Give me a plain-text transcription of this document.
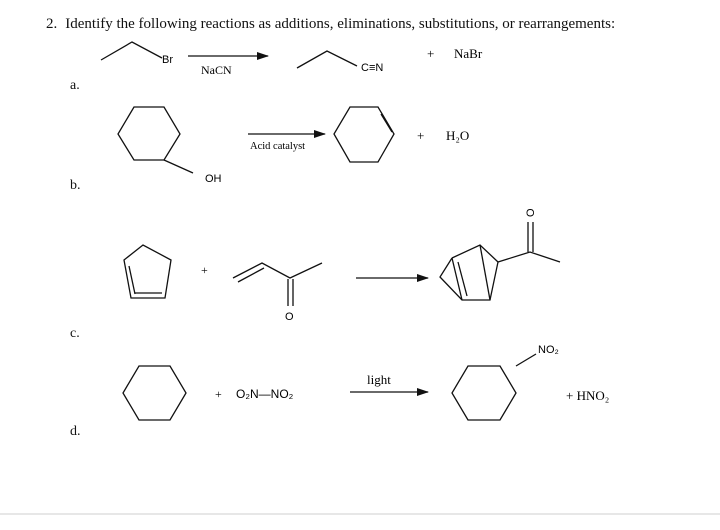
2. Identify the following reactions as additions, eliminations, substitutions, or rearrangements:
a.
b.
c.
d.
Br
NaCN	C≡N
+ NaBr
OH
Acid catalyst
+ H₂O
+
O
O
+ O₂N—NO₂
light
NO₂
+ HNO₂
